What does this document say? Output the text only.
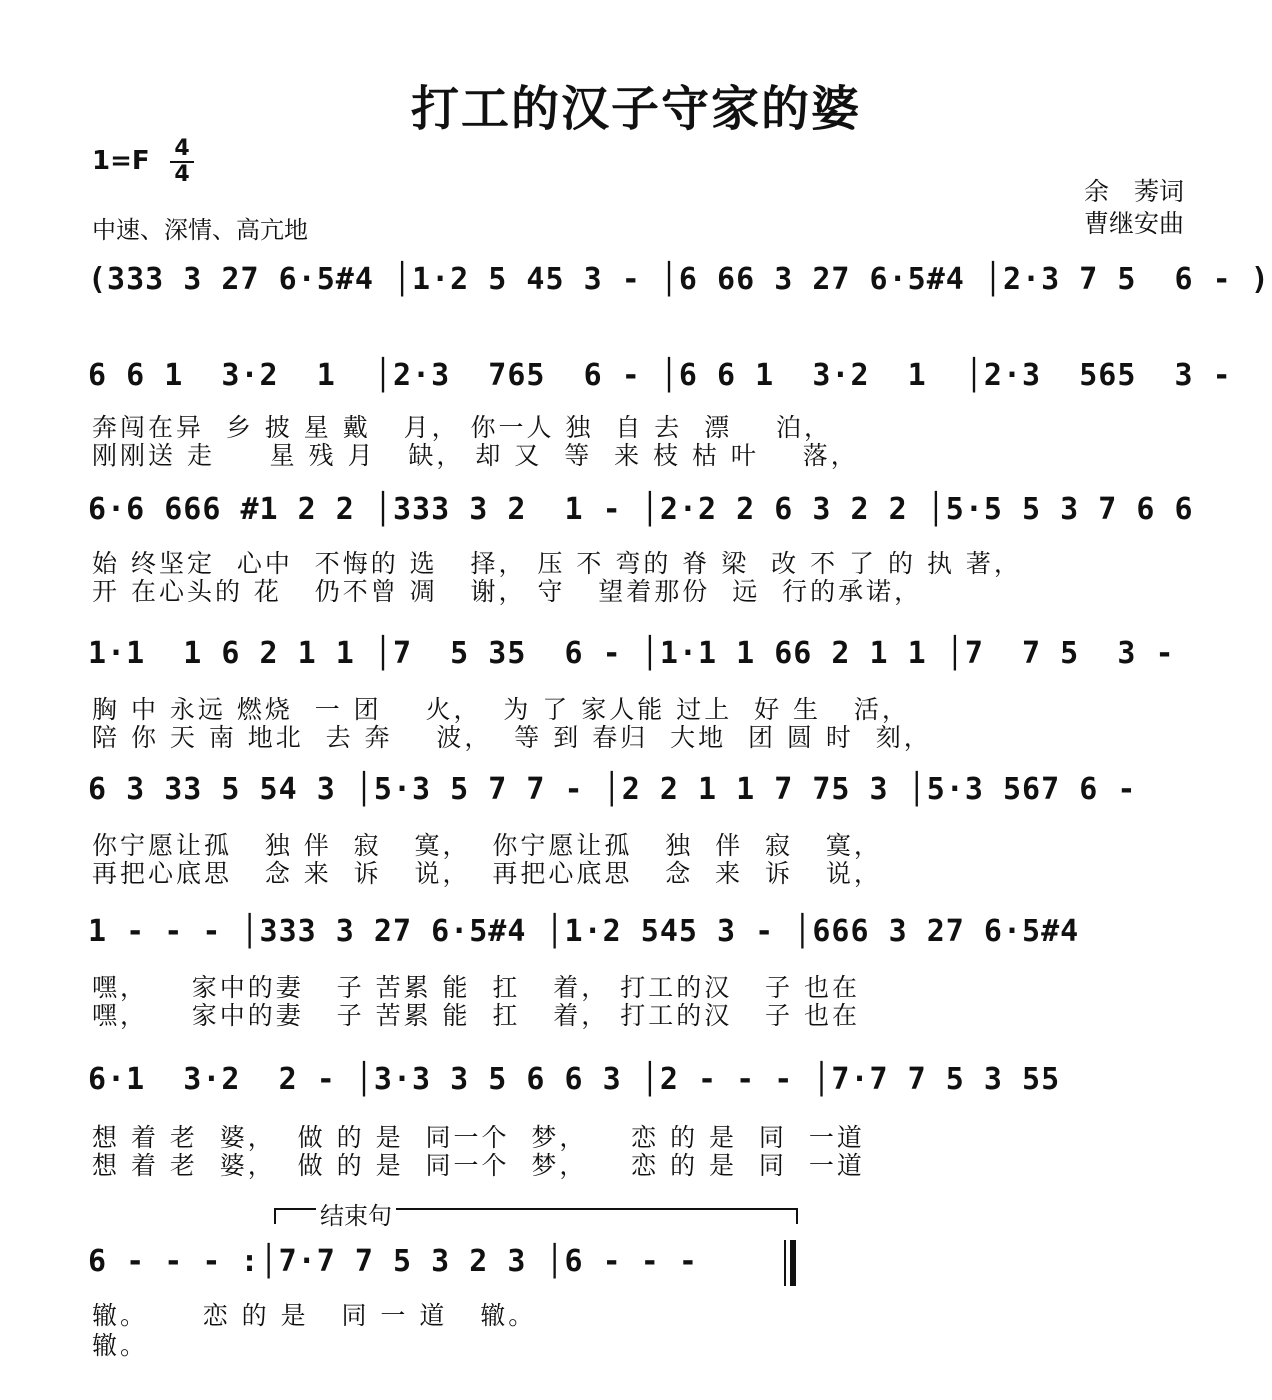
打工的汉子守家的婆
1=F 4
4
中速、深情、高亢地
余　莠词
曹继安曲
(333 3 27 6·5#4 │1·2 5 45 3 - │6 66 3 27 6·5#4 │2·3 7 5  6 - )
6 6 1  3·2  1  │2·3  765  6 - │6 6 1  3·2  1  │2·3  565  3 -
奔闯在异  乡 披 星 戴   月， 你一人 独  自 去  漂    泊，
刚刚送 走     星 残 月   缺， 却 又  等  来 枝 枯 叶    落，
6·6 666 #1 2 2 │333 3 2  1 - │2·2 2 6 3 2 2 │5·5 5 3 7 6 6
始 终坚定  心中  不悔的 选   择， 压 不 弯的 脊 梁  改 不 了 的 执 著，
开 在心头的 花   仍不曾 凋   谢， 守   望着那份  远  行的承诺，
1·1  1 6 2 1 1 │7  5 35  6 - │1·1 1 66 2 1 1 │7  7 5  3 -
胸 中 永远 燃烧  一 团    火，  为 了 家人能 过上  好 生   活，
陪 你 天 南 地北  去 奔    波，  等 到 春归  大地  团 圆 时  刻，
6 3 33 5 54 3 │5·3 5 7 7 - │2 2 1 1 7 75 3 │5·3 567 6 -
你宁愿让孤   独 伴  寂   寞，  你宁愿让孤   独  伴  寂   寞，
再把心底思   念 来  诉   说，  再把心底思   念  来  诉   说，
1 - - - │333 3 27 6·5#4 │1·2 545 3 - │666 3 27 6·5#4
嘿，    家中的妻   子 苦累 能  扛   着， 打工的汉   子 也在
嘿，    家中的妻   子 苦累 能  扛   着， 打工的汉   子 也在
6·1  3·2  2 - │3·3 3 5 6 6 3 │2 - - - │7·7 7 5 3 55
想 着 老  婆，  做 的 是  同一个  梦，    恋 的 是  同  一道
想 着 老  婆，  做 的 是  同一个  梦，    恋 的 是  同  一道
结束句
6 - - - :│7·7 7 5 3 2 3 │6 - - -
辙。     恋 的 是   同 一 道   辙。
辙。
